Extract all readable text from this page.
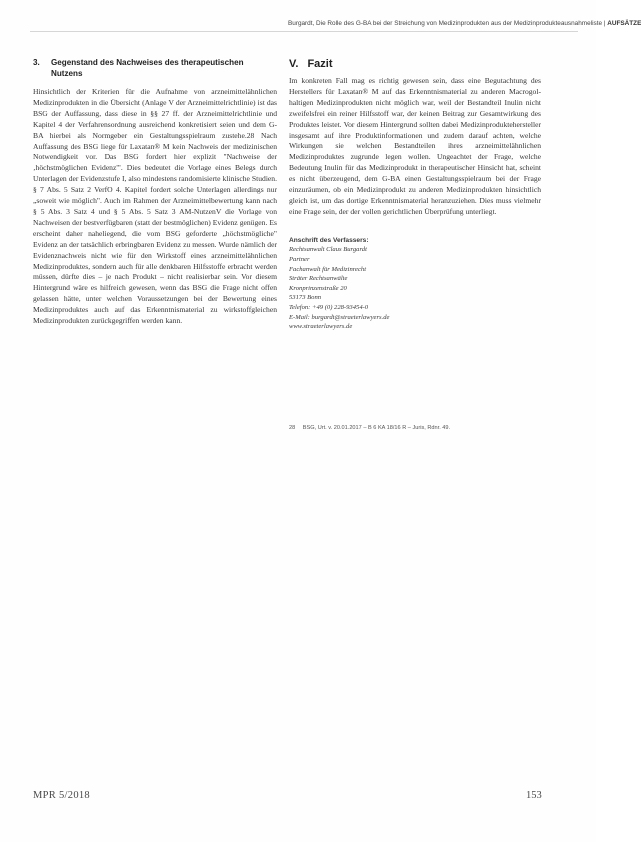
Burgardt, Die Rolle des G-BA bei der Streichung von Medizinprodukten aus der Medizinprodukteausnahmeliste | AUFSÄTZE
3.	Gegenstand des Nachweises des therapeutischen Nutzens

Hinsichtlich der Kriterien für die Aufnahme von arzneimittelähnlichen Medizinprodukten in die Übersicht (Anlage V der Arzneimittelrichtlinie) ist das BSG der Auffassung, dass diese in §§ 27 ff. der Arzneimittelrichtlinie und Kapitel 4 der Verfahrensordnung ausreichend konkretisiert seien und dem G-BA hierbei als Normgeber ein Gestaltungsspielraum zustehe.28 Nach Auffassung des BSG liege für Laxatan® M kein Nachweis der medizinischen Notwendigkeit vor. Das BSG fordert hier explizit "Nachweise der ‚höchstmöglichen Evidenz'". Dies bedeutet die Vorlage eines Belegs durch Unterlagen der Evidenzstufe I, also mindestens randomisierte klinische Studien. § 7 Abs. 5 Satz 2 VerfO 4. Kapitel fordert solche Unterlagen allerdings nur „soweit wie möglich". Auch im Rahmen der Arzneimittelbewertung kann nach § 5 Abs. 3 Satz 4 und § 5 Abs. 5 Satz 3 AM-NutzenV die Vorlage von Nachweisen der bestverfügbaren (statt der bestmöglichen) Evidenz genügen. Es erscheint daher naheliegend, die vom BSG geforderte „höchstmögliche" Evidenz an der tatsächlich erbringbaren Evidenz zu messen. Wurde nämlich der Evidenznachweis nicht wie für den Wirkstoff eines arzneimittelähnlichen Medizinproduktes, sondern auch für alle denkbaren Hilfsstoffe erbracht werden müssen, dürfte dies – je nach Produkt – nicht realisierbar sein. Vor diesem Hintergrund wäre es hilfreich gewesen, wenn das BSG die Frage nicht offen gelassen hätte, unter welchen Voraussetzungen bei der Bewertung eines Medizinproduktes auch auf das Erkenntnismaterial zu wirkstoffgleichen Medizinprodukten zurückgegriffen werden kann.

V. Fazit

Im konkreten Fall mag es richtig gewesen sein, dass eine Begutachtung des Herstellers für Laxatan® M auf das Erkenntnismaterial zu anderen Macrogol-haltigen Medizinprodukten nicht möglich war, weil der Bestandteil Inulin nicht zweifelsfrei ein reiner Hilfsstoff war, der keinen Beitrag zur Gesamtwirkung des Produktes leistet. Vor diesem Hintergrund sollten dabei Medizinproduktehersteller insgesamt auf ihre Produktinformationen und zudem darauf achten, welche Wirkungen sie welchen Bestandteilen ihres arzneimittelähnlichen Medizinproduktes zugrunde legen wollen. Ungeachtet der Frage, welche Bedeutung Inulin für das Medizinprodukt in therapeutischer Hinsicht hat, scheint es nicht überzeugend, dem G-BA einen Gestaltungsspielraum bei der Frage einzuräumen, ob ein Medizinprodukt zu anderen Medizinprodukten hinsichtlich gleich ist, um das dortige Erkenntnismaterial heranzuziehen. Dies muss vielmehr eine Frage sein, der der vollen gerichtlichen Überprüfung unterliegt.

Anschrift des Verfassers:
Rechtsanwalt Claus Burgardt
Partner
Fachanwalt für Medizinrecht
Sträter Rechtsanwälte
Kronprinzenstraße 20
53173 Bonn
Telefon: +49 (0) 228-93454-0
E-Mail: burgardt@straeterlawyers.de
www.straeterlawyers.de
28 BSG, Urt. v. 20.01.2017 – B 6 KA 18/16 R – Juris, Rdnr. 49.
MPR 5/2018	153
